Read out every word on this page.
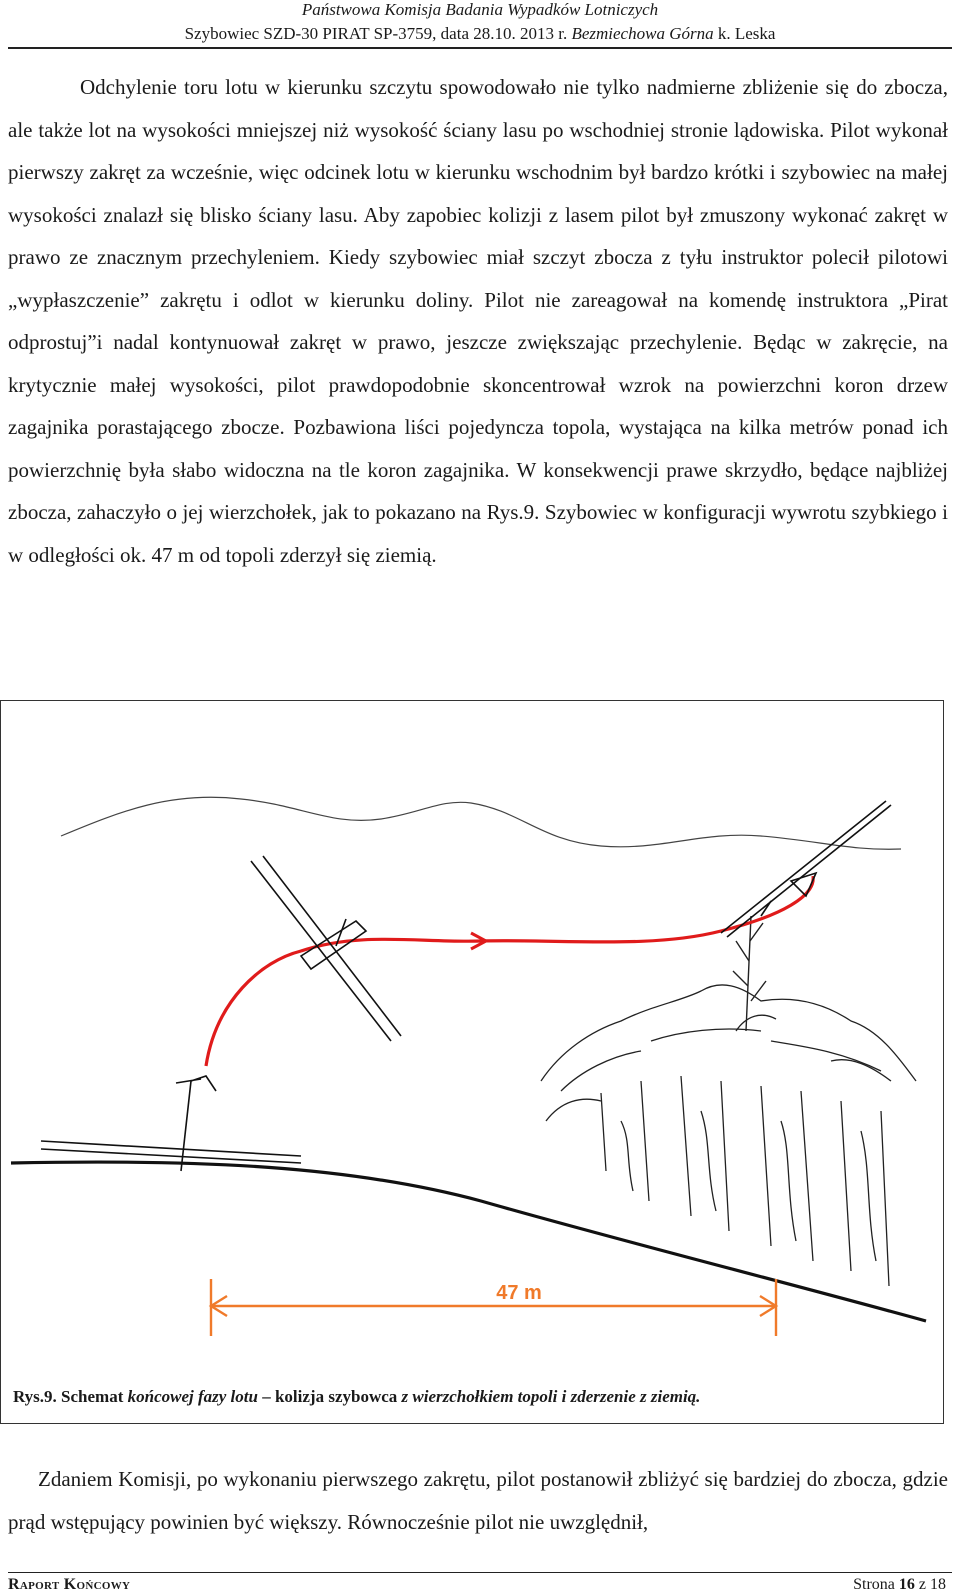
Państwowa Komisja Badania Wypadków Lotniczych
Szybowiec SZD-30 PIRAT SP-3759, data 28.10. 2013 r. Bezmiechowa Górna k. Leska
Odchylenie toru lotu w kierunku szczytu spowodowało nie tylko nadmierne zbliżenie się do zbocza, ale także lot na wysokości mniejszej niż wysokość ściany lasu po wschodniej stronie lądowiska. Pilot wykonał pierwszy zakręt za wcześnie, więc odcinek lotu w kierunku wschodnim był bardzo krótki i szybowiec na małej wysokości znalazł się blisko ściany lasu. Aby zapobiec kolizji z lasem pilot był zmuszony wykonać zakręt w prawo ze znacznym przechyleniem. Kiedy szybowiec miał szczyt zbocza z tyłu instruktor polecił pilotowi „wypłaszczenie” zakrętu i odlot w kierunku doliny. Pilot nie zareagował na komendę instruktora „Pirat odprostuj”i nadal kontynuował zakręt w prawo, jeszcze zwiększając przechylenie. Będąc w zakręcie, na krytycznie małej wysokości, pilot prawdopodobnie skoncentrował wzrok na powierzchni koron drzew zagajnika porastającego zbocze. Pozbawiona liści pojedyncza topola, wystająca na kilka metrów ponad ich powierzchnię była słabo widoczna na tle koron zagajnika. W konsekwencji prawe skrzydło, będące najbliżej zbocza, zahaczyło o jej wierzchołek, jak to pokazano na Rys.9. Szybowiec w konfiguracji wywrotu szybkiego i w odległości ok. 47 m od topoli zderzył się ziemią.
47 m
Rys.9. Schemat końcowej fazy lotu – kolizja szybowca z wierzchołkiem topoli i zderzenie z ziemią.
Zdaniem Komisji, po wykonaniu pierwszego zakrętu, pilot postanowił zbliżyć się bardziej do zbocza, gdzie prąd wstępujący powinien być większy. Równocześnie pilot nie uwzględnił,
Raport Końcowy	Strona 16 z 18
